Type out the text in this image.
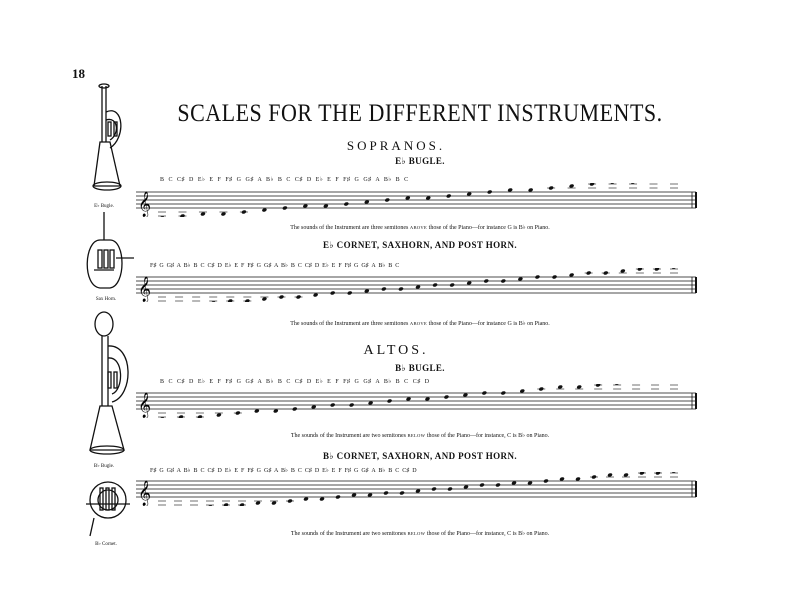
18
SCALES FOR THE DIFFERENT INSTRUMENTS.
SOPRANOS.
E♭ BUGLE.
E♭ CORNET, SAXHORN, AND POST HORN.
ALTOS.
B♭ BUGLE.
B♭ CORNET, SAXHORN, AND POST HORN.
B  C  C♯  D  E♭  E  F  F♯  G  G♯  A  B♭  B  C  C♯  D  E♭  E  F  F♯  G  G♯  A  B♭  B  C
F♯  G  G♯  A  B♭  B  C  C♯  D  E♭  E  F  F♯  G  G♯  A  B♭  B  C  C♯  D  E♭  E  F  F♯  G  G♯  A  B♭  B  C
B  C  C♯  D  E♭  E  F  F♯  G  G♯  A  B♭  B  C  C♯  D  E♭  E  F  F♯  G  G♯  A  B♭  B  C  C♯  D
F♯  G  G♯  A  B♭  B  C  C♯  D  E♭  E  F  F♯  G  G♯  A  B♭  B  C  C♯  D  E♭  E  F  F♯  G  G♯  A  B♭  B  C  C♯  D
𝄞
𝄞
𝄞
𝄞
The sounds of the Instrument are three semitones ABOVE those of the Piano—for instance G is B♭ on Piano.
The sounds of the Instrument are three semitones ABOVE those of the Piano—for instance G is B♭ on Piano.
The sounds of the Instrument are two semitones BELOW those of the Piano—for instance, C is B♭ on Piano.
The sounds of the Instrument are two semitones BELOW those of the Piano—for instance, C is B♭ on Piano.
E♭ Bugle.
Sax Horn.
B♭ Bugle.
B♭ Cornet.
